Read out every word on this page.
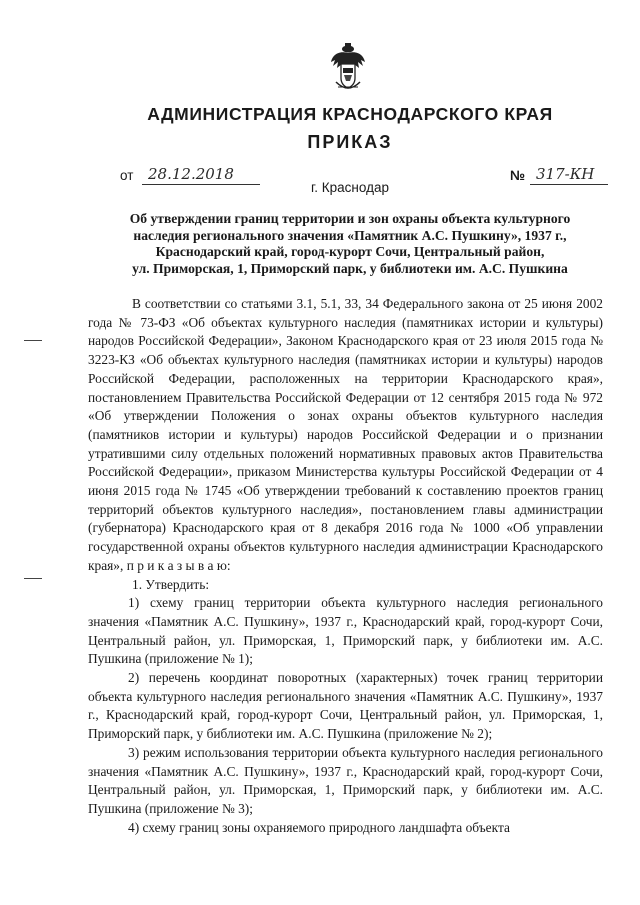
АДМИНИСТРАЦИЯ КРАСНОДАРСКОГО КРАЯ
ПРИКАЗ
от 28.12.2018	№ 317-КН
г. Краснодар
Об утверждении границ территории и зон охраны объекта культурного
наследия регионального значения «Памятник А.С. Пушкину», 1937 г.,
Краснодарский край, город-курорт Сочи, Центральный район,
ул. Приморская, 1, Приморский парк, у библиотеки им. А.С. Пушкина

В соответствии со статьями 3.1, 5.1, 33, 34 Федерального закона от 25 июня 2002 года № 73-ФЗ «Об объектах культурного наследия (памятниках истории и культуры) народов Российской Федерации», Законом Краснодарского края от 23 июля 2015 года № 3223-КЗ «Об объектах культурного наследия (памятниках истории и культуры) народов Российской Федерации, расположенных на территории Краснодарского края», постановлением Правительства Российской Федерации от 12 сентября 2015 года № 972 «Об утверждении Положения о зонах охраны объектов культурного наследия (памятников истории и культуры) народов Российской Федерации и о признании утратившими силу отдельных положений нормативных правовых актов Правительства Российской Федерации», приказом Министерства культуры Российской Федерации от 4 июня 2015 года № 1745 «Об утверждении требований к составлению проектов границ территорий объектов культурного наследия», постановлением главы администрации (губернатора) Краснодарского края от 8 декабря 2016 года № 1000 «Об управлении государственной охраны объектов культурного наследия администрации Краснодарского края», п р и к а з ы в а ю:

1. Утвердить:

1) схему границ территории объекта культурного наследия регионального значения «Памятник А.С. Пушкину», 1937 г., Краснодарский край, город-курорт Сочи, Центральный район, ул. Приморская, 1, Приморский парк, у библиотеки им. А.С. Пушкина (приложение № 1);

2) перечень координат поворотных (характерных) точек границ территории объекта культурного наследия регионального значения «Памятник А.С. Пушкину», 1937 г., Краснодарский край, город-курорт Сочи, Центральный район, ул. Приморская, 1, Приморский парк, у библиотеки им. А.С. Пушкина (приложение № 2);

3) режим использования территории объекта культурного наследия регионального значения «Памятник А.С. Пушкину», 1937 г., Краснодарский край, город-курорт Сочи, Центральный район, ул. Приморская, 1, Приморский парк, у библиотеки им. А.С. Пушкина (приложение № 3);

4) схему границ зоны охраняемого природного ландшафта объекта
